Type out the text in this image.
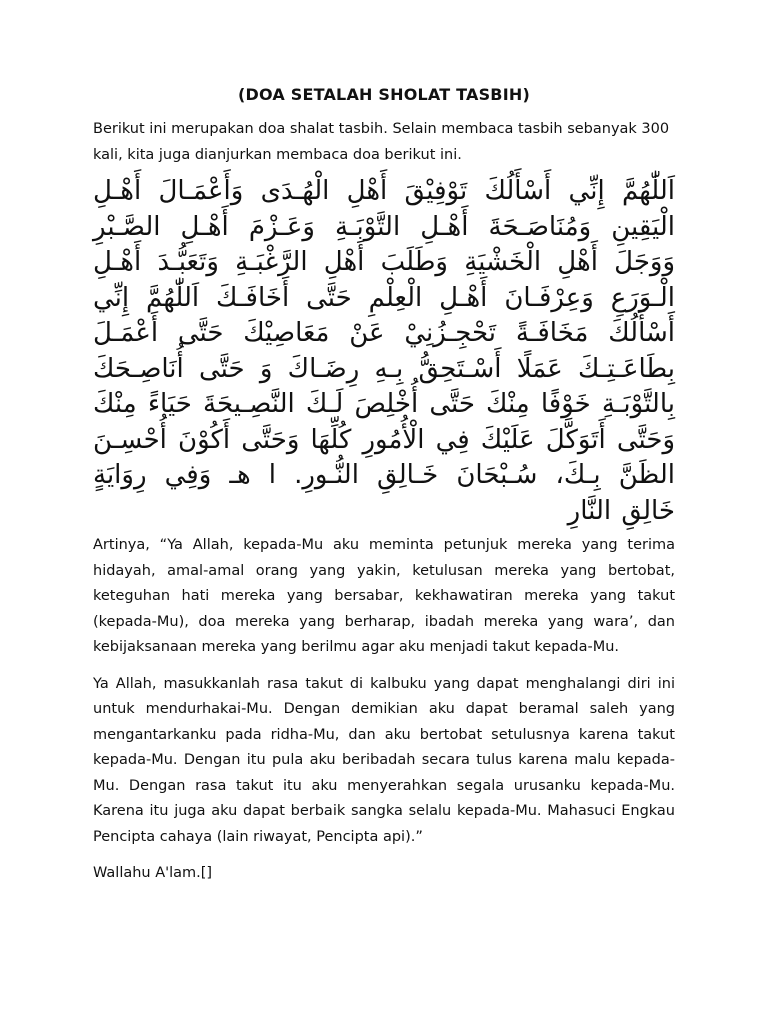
(DOA SETALAH SHOLAT TASBIH)

Berikut ini merupakan doa shalat tasbih. Selain membaca tasbih sebanyak 300 kali, kita juga dianjurkan membaca doa berikut ini.

اَللّٰهُمَّ إِنِّي أَسْأَلُكَ تَوْفِيْقَ أَهْلِ الْهُـدَى وَأَعْمَـالَ أَهْـلِ الْيَقِينِ وَمُنَاصَـحَةَ أَهْـلِ التَّوْبَـةِ وَعَـزْمَ أَهْـلِ الصَّـبْرِ وَوَجَلَ أَهْلِ الْخَشْيَةِ وَطَلَبَ أَهْلِ الرَّغْبَـةِ وَتَعَبُّـدَ أَهْـلِ الْـوَرَعِ وَعِرْفَـانَ أَهْـلِ الْعِلْمِ حَتَّى أَخَافَـكَ اَللّٰهُمَّ إِنِّي أَسْأَلُكَ مَخَافَـةً تَحْجِـزُنِيْ عَنْ مَعَاصِيْكَ حَتَّى أَعْمَـلَ بِطَاعَـتِـكَ عَمَلًا أَسْـتَحِقُّ بِـهِ رِضَـاكَ وَ حَتَّى أُنَاصِـحَكَ بِالتَّوْبَـةِ خَوْفًا مِنْكَ حَتَّى أُخْلِصَ لَـكَ النَّصِـيحَةَ حَيَاءً مِنْكَ وَحَتَّى أَتَوَكَّلَ عَلَيْكَ فِي الْأُمُورِ كُلِّهَا وَحَتَّى أَكُوْنَ أُحْسِـنَ الظَنَّ بِـكَ، سُـبْحَانَ خَـالِقِ النُّـورِ. ا هـ وَفِي رِوَايَةٍ خَالِقِ النَّارِ

Artinya, “Ya Allah, kepada-Mu aku meminta petunjuk mereka yang terima hidayah, amal-amal orang yang yakin, ketulusan mereka yang bertobat, keteguhan hati mereka yang bersabar, kekhawatiran mereka yang takut (kepada-Mu), doa mereka yang berharap, ibadah mereka yang wara’, dan kebijaksanaan mereka yang berilmu agar aku menjadi takut kepada-Mu.

Ya Allah, masukkanlah rasa takut di kalbuku yang dapat menghalangi diri ini untuk mendurhakai-Mu. Dengan demikian aku dapat beramal saleh yang mengantarkanku pada ridha-Mu, dan aku bertobat setulusnya karena takut kepada-Mu. Dengan itu pula aku beribadah secara tulus karena malu kepada-Mu. Dengan rasa takut itu aku menyerahkan segala urusanku kepada-Mu. Karena itu juga aku dapat berbaik sangka selalu kepada-Mu. Mahasuci Engkau Pencipta cahaya (lain riwayat, Pencipta api).”

Wallahu A'lam.[]
